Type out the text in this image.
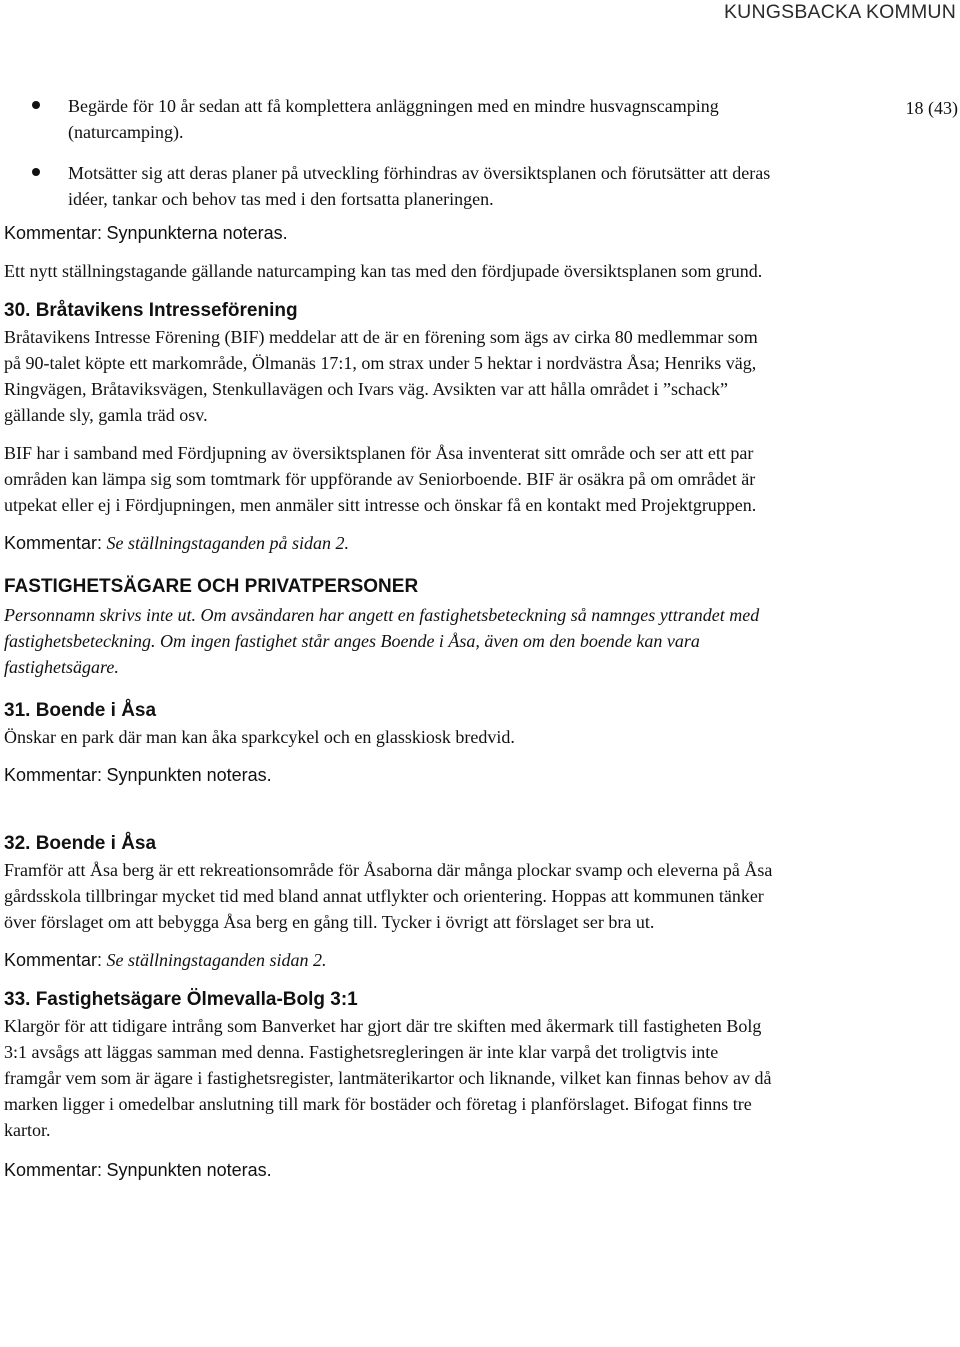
KUNGSBACKA KOMMUN
18 (43)
Begärde för 10 år sedan att få komplettera anläggningen med en mindre husvagnscamping (naturcamping).
Motsätter sig att deras planer på utveckling förhindras av översiktsplanen och förutsätter att deras idéer, tankar och behov tas med i den fortsatta planeringen.

Kommentar: Synpunkterna noteras.

Ett nytt ställningstagande gällande naturcamping kan tas med den fördjupade översiktsplanen som grund.

30. Bråtavikens Intresseförening

Bråtavikens Intresse Förening (BIF) meddelar att de är en förening som ägs av cirka 80 medlemmar som på 90-talet köpte ett markområde, Ölmanäs 17:1, om strax under 5 hektar i nordvästra Åsa; Henriks väg, Ringvägen, Bråtaviksvägen, Stenkullavägen och Ivars väg. Avsikten var att hålla området i ”schack” gällande sly, gamla träd osv.

BIF har i samband med Fördjupning av översiktsplanen för Åsa inventerat sitt område och ser att ett par områden kan lämpa sig som tomtmark för uppförande av Seniorboende. BIF är osäkra på om området är utpekat eller ej i Fördjupningen, men anmäler sitt intresse och önskar få en kontakt med Projektgruppen.

Kommentar: Se ställningstaganden på sidan 2.

FASTIGHETSÄGARE OCH PRIVATPERSONER

Personnamn skrivs inte ut. Om avsändaren har angett en fastighetsbeteckning så namnges yttrandet med fastighetsbeteckning. Om ingen fastighet står anges Boende i Åsa, även om den boende kan vara fastighetsägare.

31. Boende i Åsa

Önskar en park där man kan åka sparkcykel och en glasskiosk bredvid.

Kommentar: Synpunkten noteras.

32. Boende i Åsa

Framför att Åsa berg är ett rekreationsområde för Åsaborna där många plockar svamp och eleverna på Åsa gårdsskola tillbringar mycket tid med bland annat utflykter och orientering. Hoppas att kommunen tänker över förslaget om att bebygga Åsa berg en gång till. Tycker i övrigt att förslaget ser bra ut.

Kommentar: Se ställningstaganden sidan 2.

33. Fastighetsägare Ölmevalla-Bolg 3:1

Klargör för att tidigare intrång som Banverket har gjort där tre skiften med åkermark till fastigheten Bolg 3:1 avsågs att läggas samman med denna. Fastighetsregleringen är inte klar varpå det troligtvis inte framgår vem som är ägare i fastighetsregister, lantmäterikartor och liknande, vilket kan finnas behov av då marken ligger i omedelbar anslutning till mark för bostäder och företag i planförslaget. Bifogat finns tre kartor.

Kommentar: Synpunkten noteras.
